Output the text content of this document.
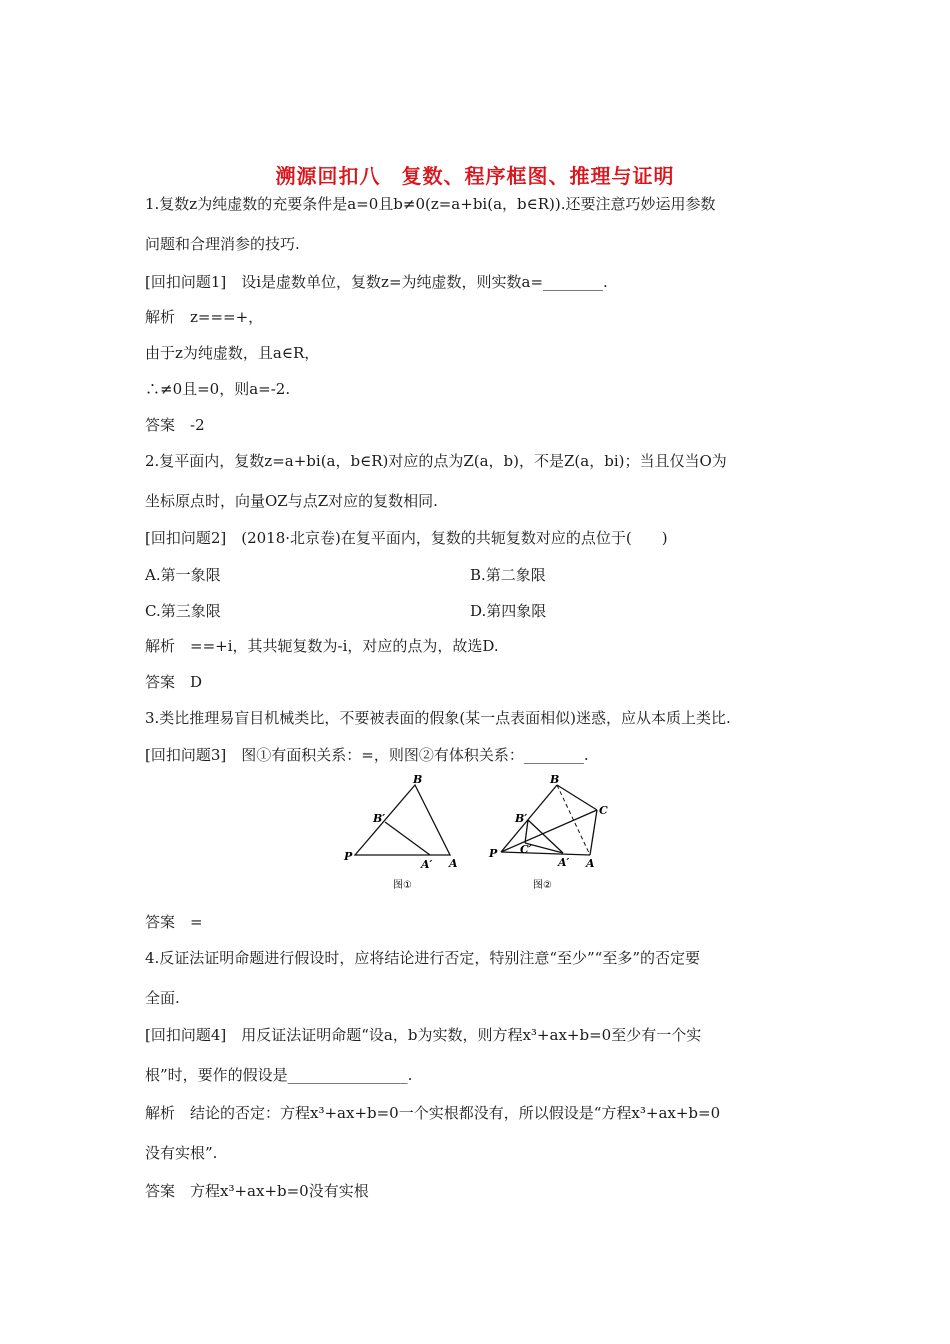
溯源回扣八　复数、程序框图、推理与证明
1.复数z为纯虚数的充要条件是a=0且b≠0(z=a+bi(a，b∈R)).还要注意巧妙运用参数
问题和合理消参的技巧.
[回扣问题1]　设i是虚数单位，复数z=为纯虚数，则实数a=________.
解析　z===+，
由于z为纯虚数，且a∈R，
∴≠0且=0，则a=-2.
答案　-2
2.复平面内，复数z=a+bi(a，b∈R)对应的点为Z(a，b)，不是Z(a，bi)；当且仅当O为
坐标原点时，向量OZ与点Z对应的复数相同.
[回扣问题2]　(2018·北京卷)在复平面内，复数的共轭复数对应的点位于(　　)
A.第一象限	B.第二象限
C.第三象限	D.第四象限
解析　==+i，其共轭复数为-i，对应的点为，故选D.
答案　D
3.类比推理易盲目机械类比，不要被表面的假象(某一点表面相似)迷惑，应从本质上类比.
[回扣问题3]　图①有面积关系：=，则图②有体积关系：________.
B
B′
P
A′ A
图①
B
B′
C
C′
P
A′ A
图②
答案　=
4.反证法证明命题进行假设时，应将结论进行否定，特别注意“至少”“至多”的否定要
全面.
[回扣问题4]　用反证法证明命题“设a，b为实数，则方程x³+ax+b=0至少有一个实
根”时，要作的假设是________________.
解析　结论的否定：方程x³+ax+b=0一个实根都没有，所以假设是“方程x³+ax+b=0
没有实根”.
答案　方程x³+ax+b=0没有实根
